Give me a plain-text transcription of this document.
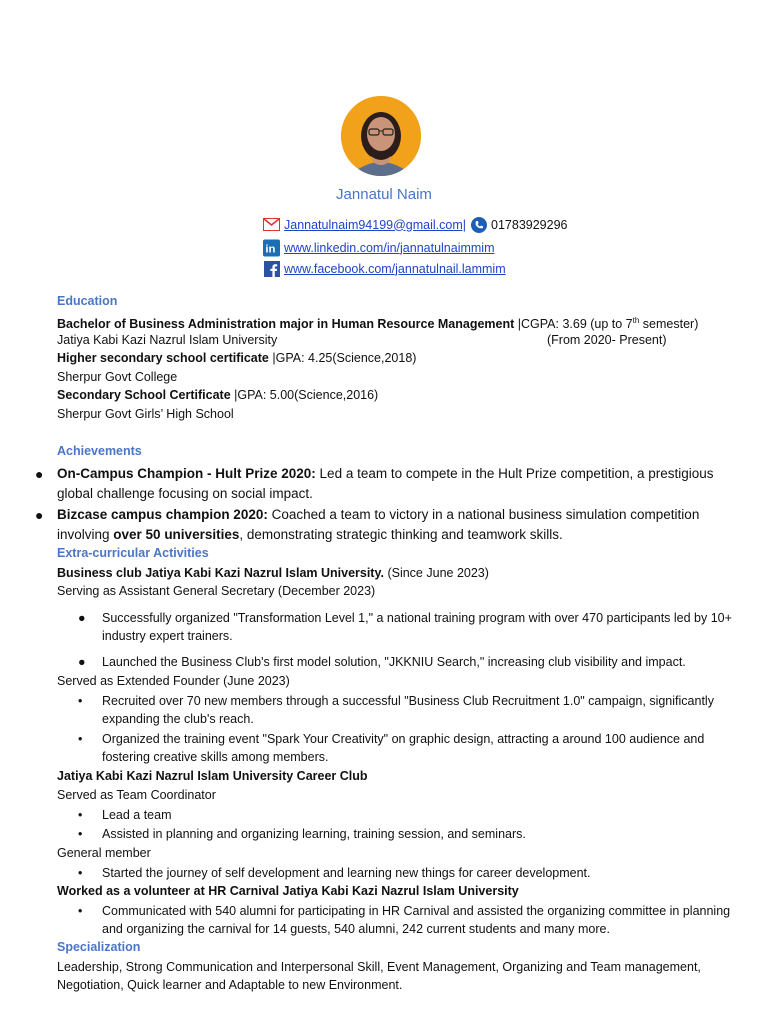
Jannatul Naim
Jannatulnaim94199@gmail.com| 01783929296
in www.linkedin.com/in/jannatulnaimmim
www.facebook.com/jannatulnail.lammim
Education
Bachelor of Business Administration major in Human Resource Management |CGPA: 3.69 (up to 7th semester)
Jatiya Kabi Kazi Nazrul Islam University	(From 2020- Present)
Higher secondary school certificate |GPA: 4.25(Science,2018)
Sherpur Govt College
Secondary School Certificate |GPA: 5.00(Science,2016)
Sherpur Govt Girls’ High School
Achievements
● On-Campus Champion - Hult Prize 2020: Led a team to compete in the Hult Prize competition, a prestigious global challenge focusing on social impact.
● Bizcase campus champion 2020: Coached a team to victory in a national business simulation competition involving over 50 universities, demonstrating strategic thinking and teamwork skills.
Extra-curricular Activities
Business club Jatiya Kabi Kazi Nazrul Islam University. (Since June 2023)
Serving as Assistant General Secretary (December 2023)
● Successfully organized "Transformation Level 1," a national training program with over 470 participants led by 10+ industry expert trainers.
● Launched the Business Club's first model solution, "JKKNIU Search," increasing club visibility and impact.
Served as Extended Founder (June 2023)
• Recruited over 70 new members through a successful "Business Club Recruitment 1.0" campaign, significantly expanding the club's reach.
• Organized the training event "Spark Your Creativity" on graphic design, attracting a around 100 audience and fostering creative skills among members.
Jatiya Kabi Kazi Nazrul Islam University Career Club
Served as Team Coordinator
• Lead a team
• Assisted in planning and organizing learning, training session, and seminars.
General member
• Started the journey of self development and learning new things for career development.
Worked as a volunteer at HR Carnival Jatiya Kabi Kazi Nazrul Islam University
• Communicated with 540 alumni for participating in HR Carnival and assisted the organizing committee in planning and organizing the carnival for 14 guests, 540 alumni, 242 current students and many more.
Specialization
Leadership, Strong Communication and Interpersonal Skill, Event Management, Organizing and Team management, Negotiation, Quick learner and Adaptable to new Environment.
